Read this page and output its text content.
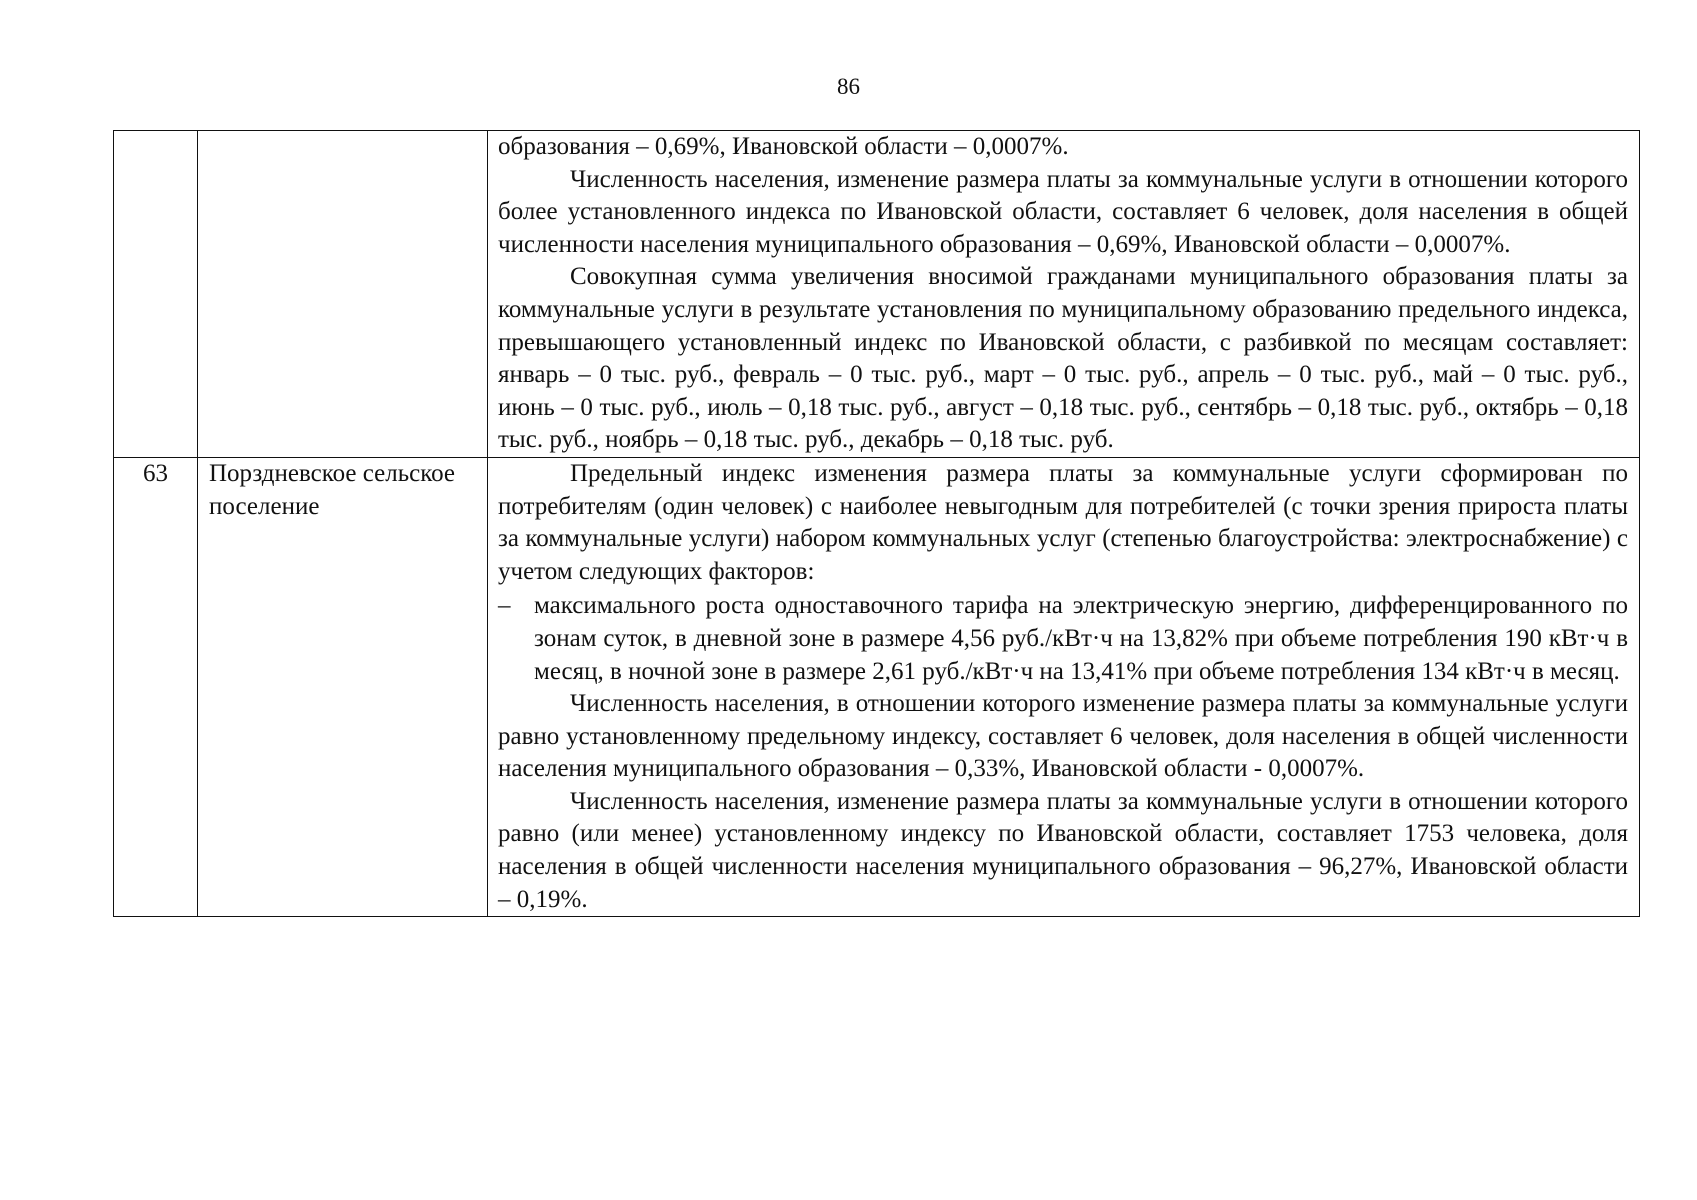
86

		образования – 0,69%, Ивановской области – 0,0007%.

Численность населения, изменение размера платы за коммунальные услуги в отношении которого более установленного индекса по Ивановской области, составляет 6 человек, доля населения в общей численности населения муниципального образования – 0,69%, Ивановской области – 0,0007%.

Совокупная сумма увеличения вносимой гражданами муниципального образования платы за коммунальные услуги в результате установления по муниципальному образованию предельного индекса, превышающего установленный индекс по Ивановской области, с разбивкой по месяцам составляет: январь – 0 тыс. руб., февраль – 0 тыс. руб., март – 0 тыс. руб., апрель – 0 тыс. руб., май – 0 тыс. руб., июнь – 0 тыс. руб., июль – 0,18 тыс. руб., август – 0,18 тыс. руб., сентябрь – 0,18 тыс. руб., октябрь – 0,18 тыс. руб., ноябрь – 0,18 тыс. руб., декабрь – 0,18 тыс. руб.

63	Порздневское сельское поселение	Предельный индекс изменения размера платы за коммунальные услуги сформирован по потребителям (один человек) с наиболее невыгодным для потребителей (с точки зрения прироста платы за коммунальные услуги) набором коммунальных услуг (степенью благоустройства: электроснабжение) с учетом следующих факторов:

– максимального роста одноставочного тарифа на электрическую энергию, дифференцированного по зонам суток, в дневной зоне в размере 4,56 руб./кВт·ч на 13,82% при объеме потребления 190 кВт·ч в месяц, в ночной зоне в размере 2,61 руб./кВт·ч на 13,41% при объеме потребления 134 кВт·ч в месяц.

Численность населения, в отношении которого изменение размера платы за коммунальные услуги равно установленному предельному индексу, составляет 6 человек, доля населения в общей численности населения муниципального образования – 0,33%, Ивановской области - 0,0007%.

Численность населения, изменение размера платы за коммунальные услуги в отношении которого равно (или менее) установленному индексу по Ивановской области, составляет 1753 человека, доля населения в общей численности населения муниципального образования – 96,27%, Ивановской области – 0,19%.
